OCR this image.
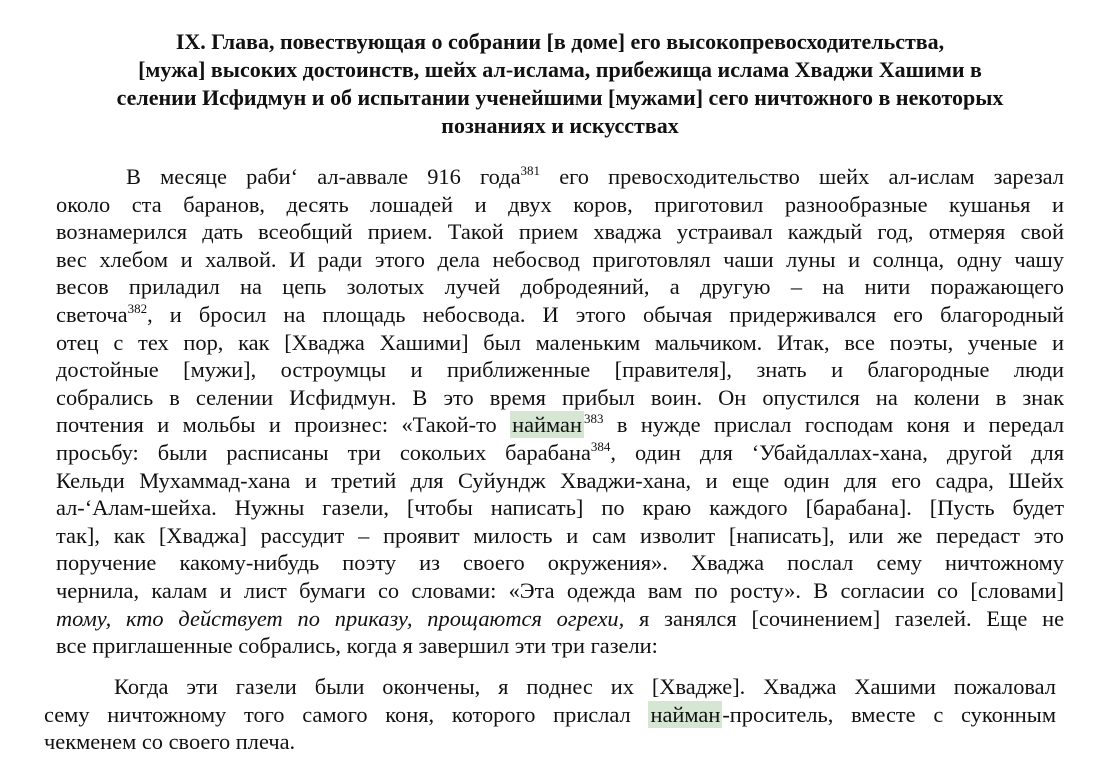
IX. Глава, повествующая о собрании [в доме] его высокопревосходительства,
[мужа] высоких достоинств, шейх ал-ислама, прибежища ислама Хваджи Хашими в
селении Исфидмун и об испытании ученейшими [мужами] сего ничтожного в некоторых
познаниях и искусствах
В месяце раби‘ ал-аввале 916 года$^{381}$ его превосходительство шейх ал-ислам зарезал
около ста баранов, десять лошадей и двух коров, приготовил разнообразные кушанья и
вознамерился дать всеобщий прием. Такой прием хваджа устраивал каждый год, отмеряя свой
вес хлебом и халвой. И ради этого дела небосвод приготовлял чаши луны и солнца, одну чашу
весов приладил на цепь золотых лучей добродеяний, а другую – на нити поражающего
светоча$^{382}$, и бросил на площадь небосвода. И этого обычая придерживался его благородный
отец с тех пор, как [Хваджа Хашими] был маленьким мальчиком. Итак, все поэты, ученые и
достойные [мужи], остроумцы и приближенные [правителя], знать и благородные люди
собрались в селении Исфидмун. В это время прибыл воин. Он опустился на колени в знак
почтения и мольбы и произнес: «Такой-то найман $^{383}$ в нужде прислал господам коня и передал
просьбу: были расписаны три сокольих барабана$^{384}$, один для ‘Убайдаллах-хана, другой для
Кельди Мухаммад-хана и третий для Суйундж Хваджи-хана, и еще один для его садра, Шейх
ал-‘Алам-шейха. Нужны газели, [чтобы написать] по краю каждого [барабана]. [Пусть будет
так], как [Хваджа] рассудит – проявит милость и сам изволит [написать], или же передаст это
поручение какому-нибудь поэту из своего окружения». Хваджа послал сему ничтожному
чернила, калам и лист бумаги со словами: «Эта одежда вам по росту». В согласии со [словами]
тому, кто действует по приказу, прощаются огрехи, я занялся [сочинением] газелей. Еще не
все приглашенные собрались, когда я завершил эти три газели:
Когда эти газели были окончены, я поднес их [Хвадже]. Хваджа Хашими пожаловал
сему ничтожному того самого коня, которого прислал найман-проситель, вместе с суконным
чекменем со своего плеча.
